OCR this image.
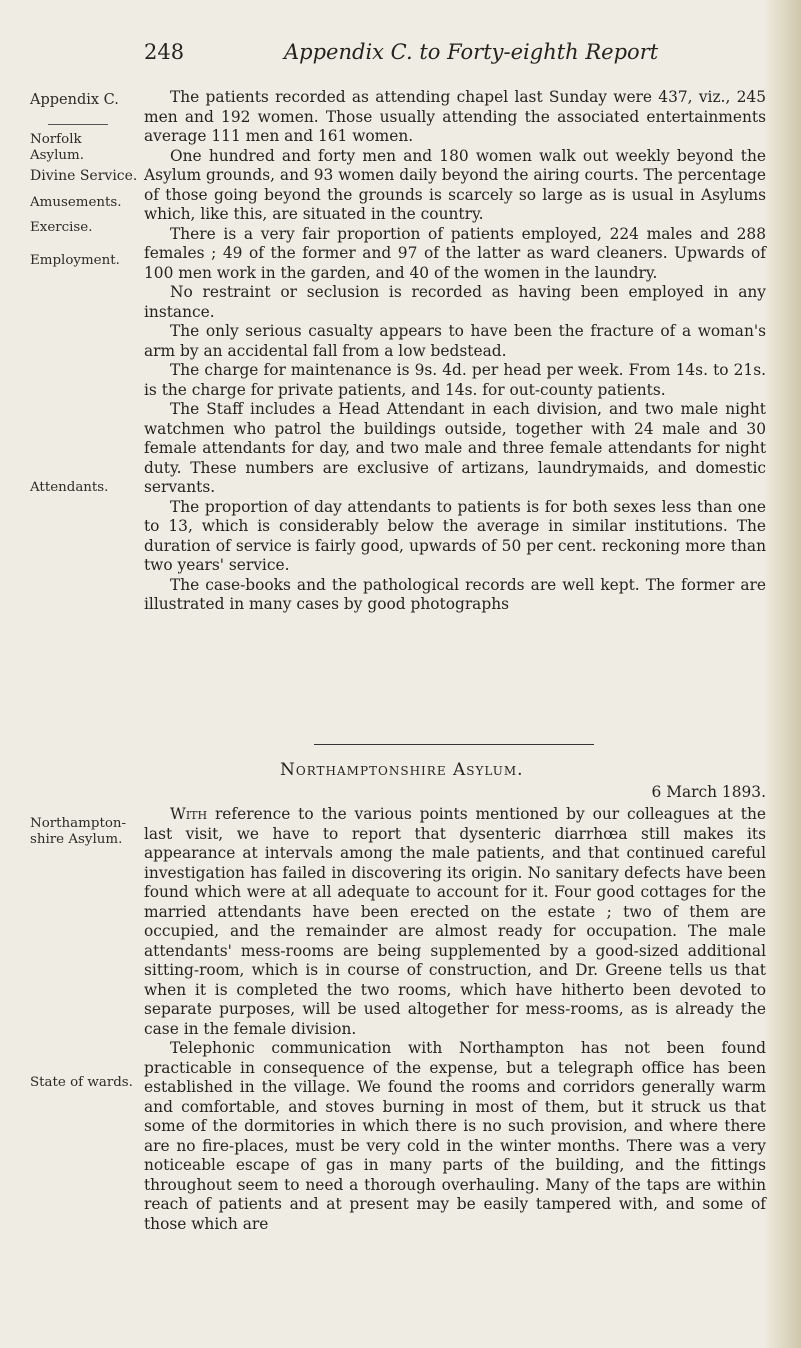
248	Appendix C. to Forty-eighth Report
Appendix C.
Norfolk
Asylum.
Divine Service.
Amusements.
Exercise.
Employment.
Attendants.
Northampton-
shire Asylum.
State of wards.

The patients recorded as attending chapel last Sunday were 437, viz., 245 men and 192 women. Those usually attending the associated entertainments average 111 men and 161 women.

One hundred and forty men and 180 women walk out weekly beyond the Asylum grounds, and 93 women daily beyond the airing courts. The percentage of those going beyond the grounds is scarcely so large as is usual in Asylums which, like this, are situated in the country.

There is a very fair proportion of patients employed, 224 males and 288 females ; 49 of the former and 97 of the latter as ward cleaners. Upwards of 100 men work in the garden, and 40 of the women in the laundry.

No restraint or seclusion is recorded as having been employed in any instance.

The only serious casualty appears to have been the fracture of a woman's arm by an accidental fall from a low bedstead.

The charge for maintenance is 9s. 4d. per head per week. From 14s. to 21s. is the charge for private patients, and 14s. for out-county patients.

The Staff includes a Head Attendant in each division, and two male night watchmen who patrol the buildings outside, together with 24 male and 30 female attendants for day, and two male and three female attendants for night duty. These numbers are exclusive of artizans, laundrymaids, and domestic servants.

The proportion of day attendants to patients is for both sexes less than one to 13, which is considerably below the average in similar institutions. The duration of service is fairly good, upwards of 50 per cent. reckoning more than two years' service.

The case-books and the pathological records are well kept. The former are illustrated in many cases by good photographs

Northamptonshire Asylum.
6 March 1893.

With reference to the various points mentioned by our colleagues at the last visit, we have to report that dysenteric diarrhœa still makes its appearance at intervals among the male patients, and that continued careful investigation has failed in discovering its origin. No sanitary defects have been found which were at all adequate to account for it. Four good cottages for the married attendants have been erected on the estate ; two of them are occupied, and the remainder are almost ready for occupation. The male attendants' mess-rooms are being supplemented by a good-sized additional sitting-room, which is in course of construction, and Dr. Greene tells us that when it is completed the two rooms, which have hitherto been devoted to separate purposes, will be used altogether for mess-rooms, as is already the case in the female division.

Telephonic communication with Northampton has not been found practicable in consequence of the expense, but a telegraph office has been established in the village. We found the rooms and corridors generally warm and comfortable, and stoves burning in most of them, but it struck us that some of the dormitories in which there is no such provision, and where there are no fire-places, must be very cold in the winter months. There was a very noticeable escape of gas in many parts of the building, and the fittings throughout seem to need a thorough overhauling. Many of the taps are within reach of patients and at present may be easily tampered with, and some of those which are
